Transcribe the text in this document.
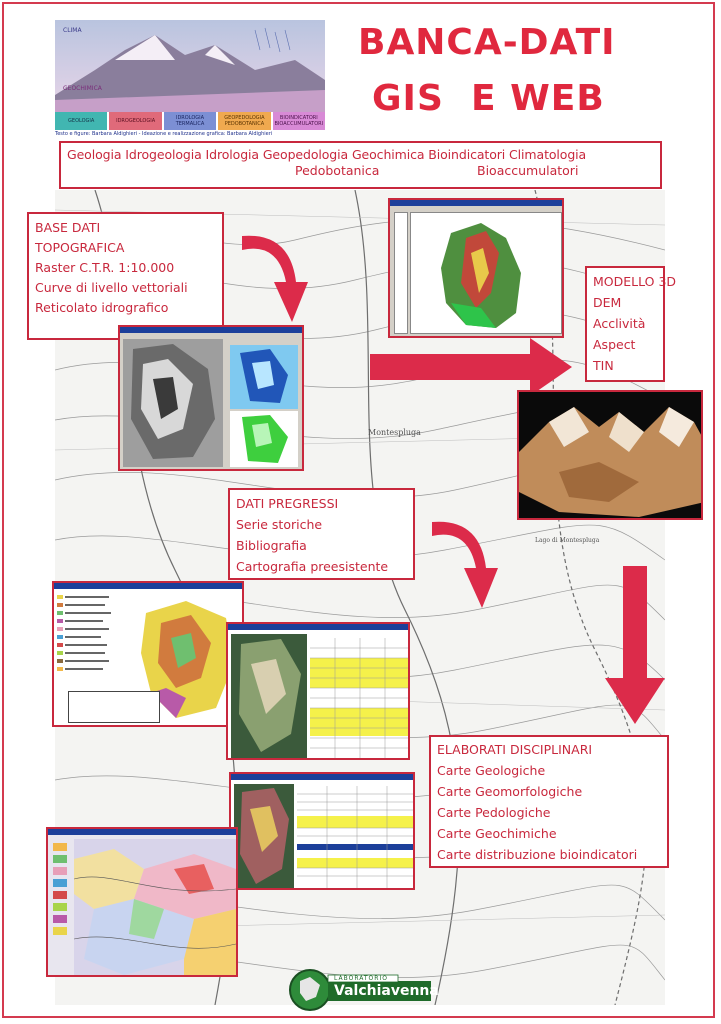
Montespluga
Lago di Montespluga
CLIMA
GEOCHIMICA
GEOLOGIA	IDROGEOLOGIA	IDROLOGIA TERMALICA
GEOPEDOLOGIA PEDOBOTANICA
BIOINDICATORI BIOACCUMULATORI
Testo e figure: Barbara Aldighieri - Ideazione e realizzazione grafica: Barbara Aldighieri
BANCA-DATI
GIS  E WEB
Geologia Idrogeologia Idrologia Geopedologia Geochimica Bioindicatori Climatologia
Pedobotanica	Bioaccumulatori
BASE DATI
TOPOGRAFICA
Raster C.T.R. 1:10.000
Curve di livello vettoriali
Reticolato idrografico
MODELLO 3D
DEM
Acclività
Aspect
TIN
DATI PREGRESSI
Serie storiche
Bibliografia
Cartografia preesistente
ELABORATI DISCIPLINARI
Carte Geologiche
Carte Geomorfologiche
Carte Pedologiche
Carte Geochimiche
Carte distribuzione bioindicatori
LABORATORIO
Valchiavenna
